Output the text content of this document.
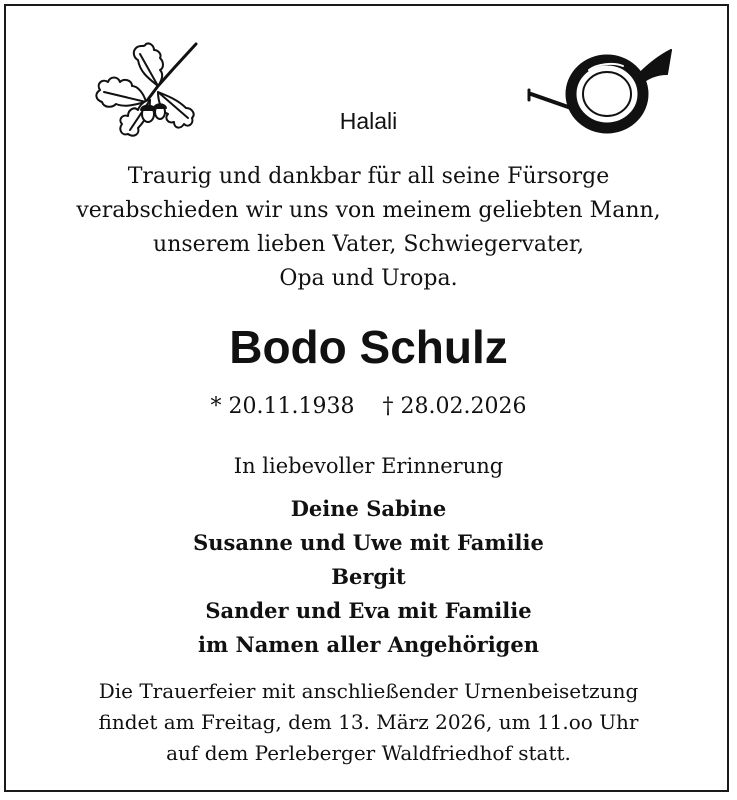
Halali
Traurig und dankbar für all seine Fürsorge
verabschieden wir uns von meinem geliebten Mann,
unserem lieben Vater, Schwiegervater,
Opa und Uropa.
Bodo Schulz
* 20.11.1938 † 28.02.2026
In liebevoller Erinnerung
Deine Sabine
Susanne und Uwe mit Familie
Bergit
Sander und Eva mit Familie
im Namen aller Angehörigen
Die Trauerfeier mit anschließender Urnenbeisetzung
findet am Freitag, dem 13. März 2026, um 11.oo Uhr
auf dem Perleberger Waldfriedhof statt.
